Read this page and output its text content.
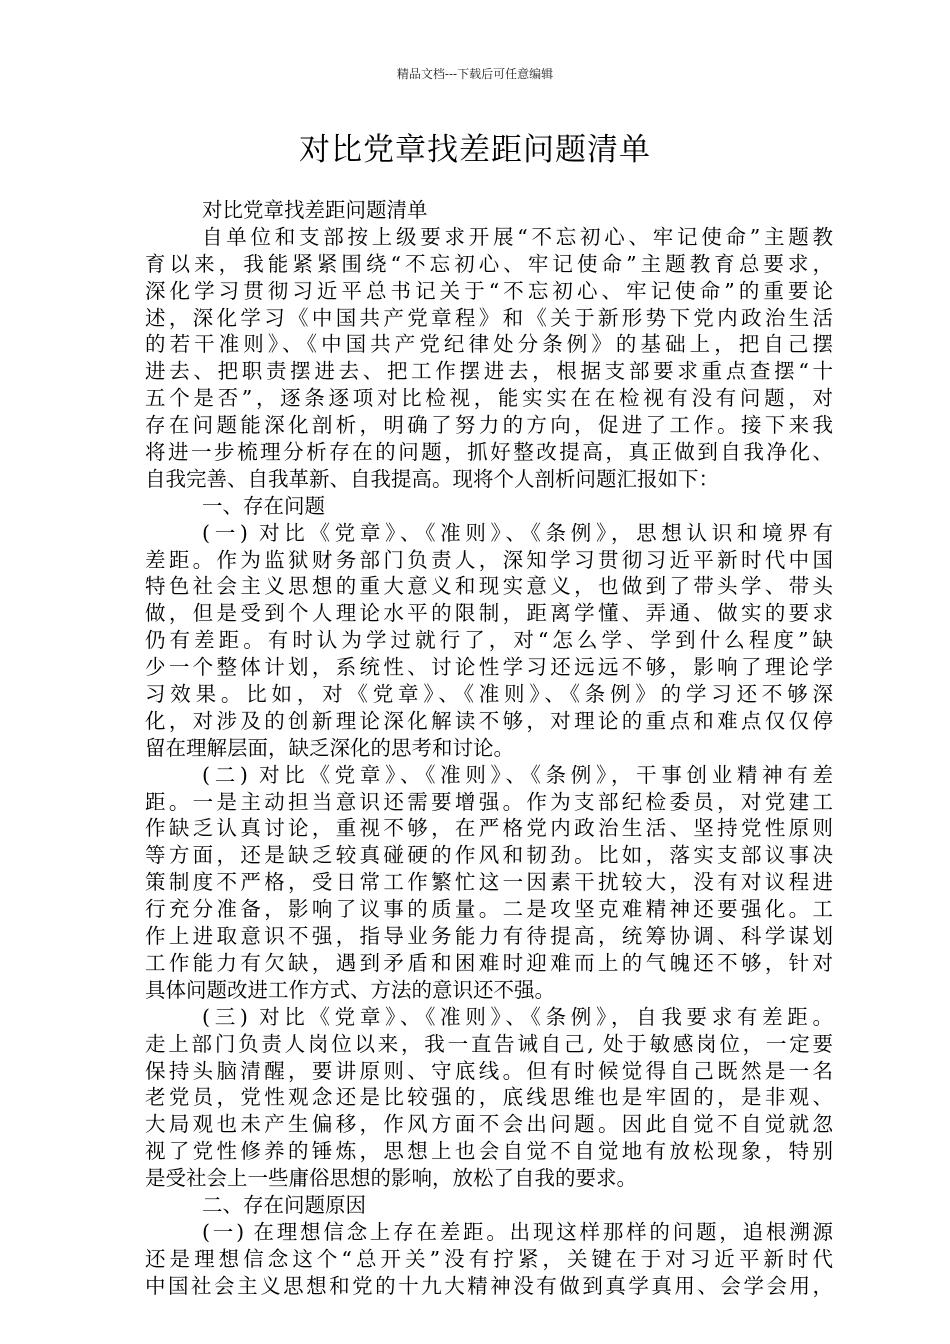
精品文档---下载后可任意编辑
对比党章找差距问题清单
对比党章找差距问题清单
自单位和支部按上级要求开展“不忘初心、牢记使命”主题教
育以来，我能紧紧围绕“不忘初心、牢记使命”主题教育总要求，
深化学习贯彻习近平总书记关于“不忘初心、牢记使命”的重要论
述，深化学习《中国共产党章程》和《关于新形势下党内政治生活
的若干准则》、《中国共产党纪律处分条例》的基础上，把自己摆
进去、把职责摆进去、把工作摆进去，根据支部要求重点查摆“十
五个是否”，逐条逐项对比检视，能实实在在检视有没有问题，对
存在问题能深化剖析，明确了努力的方向，促进了工作。接下来我
将进一步梳理分析存在的问题，抓好整改提高，真正做到自我净化、
自我完善、自我革新、自我提高。现将个人剖析问题汇报如下：
一、存在问题
(一) 对比《党章》、《准则》、《条例》，思想认识和境界有
差距。作为监狱财务部门负责人，深知学习贯彻习近平新时代中国
特色社会主义思想的重大意义和现实意义，也做到了带头学、带头
做，但是受到个人理论水平的限制，距离学懂、弄通、做实的要求
仍有差距。有时认为学过就行了，对“怎么学、学到什么程度”缺
少一个整体计划，系统性、讨论性学习还远远不够，影响了理论学
习效果。比如，对《党章》、《准则》、《条例》的学习还不够深
化，对涉及的创新理论深化解读不够，对理论的重点和难点仅仅停
留在理解层面，缺乏深化的思考和讨论。
(二) 对比《党章》、《准则》、《条例》，干事创业精神有差
距。一是主动担当意识还需要增强。作为支部纪检委员，对党建工
作缺乏认真讨论，重视不够，在严格党内政治生活、坚持党性原则
等方面，还是缺乏较真碰硬的作风和韧劲。比如，落实支部议事决
策制度不严格，受日常工作繁忙这一因素干扰较大，没有对议程进
行充分准备，影响了议事的质量。二是攻坚克难精神还要强化。工
作上进取意识不强，指导业务能力有待提高，统筹协调、科学谋划
工作能力有欠缺，遇到矛盾和困难时迎难而上的气魄还不够，针对
具体问题改进工作方式、方法的意识还不强。
(三) 对比《党章》、《准则》、《条例》，自我要求有差距。
走上部门负责人岗位以来，我一直告诫自己, 处于敏感岗位，一定要
保持头脑清醒，要讲原则、守底线。但有时候觉得自己既然是一名
老党员，党性观念还是比较强的，底线思维也是牢固的，是非观、
大局观也未产生偏移，作风方面不会出问题。因此自觉不自觉就忽
视了党性修养的锤炼，思想上也会自觉不自觉地有放松现象，特别
是受社会上一些庸俗思想的影响，放松了自我的要求。
二、存在问题原因
(一) 在理想信念上存在差距。出现这样那样的问题，追根溯源
还是理想信念这个“总开关”没有拧紧，关键在于对习近平新时代
中国社会主义思想和党的十九大精神没有做到真学真用、会学会用，
